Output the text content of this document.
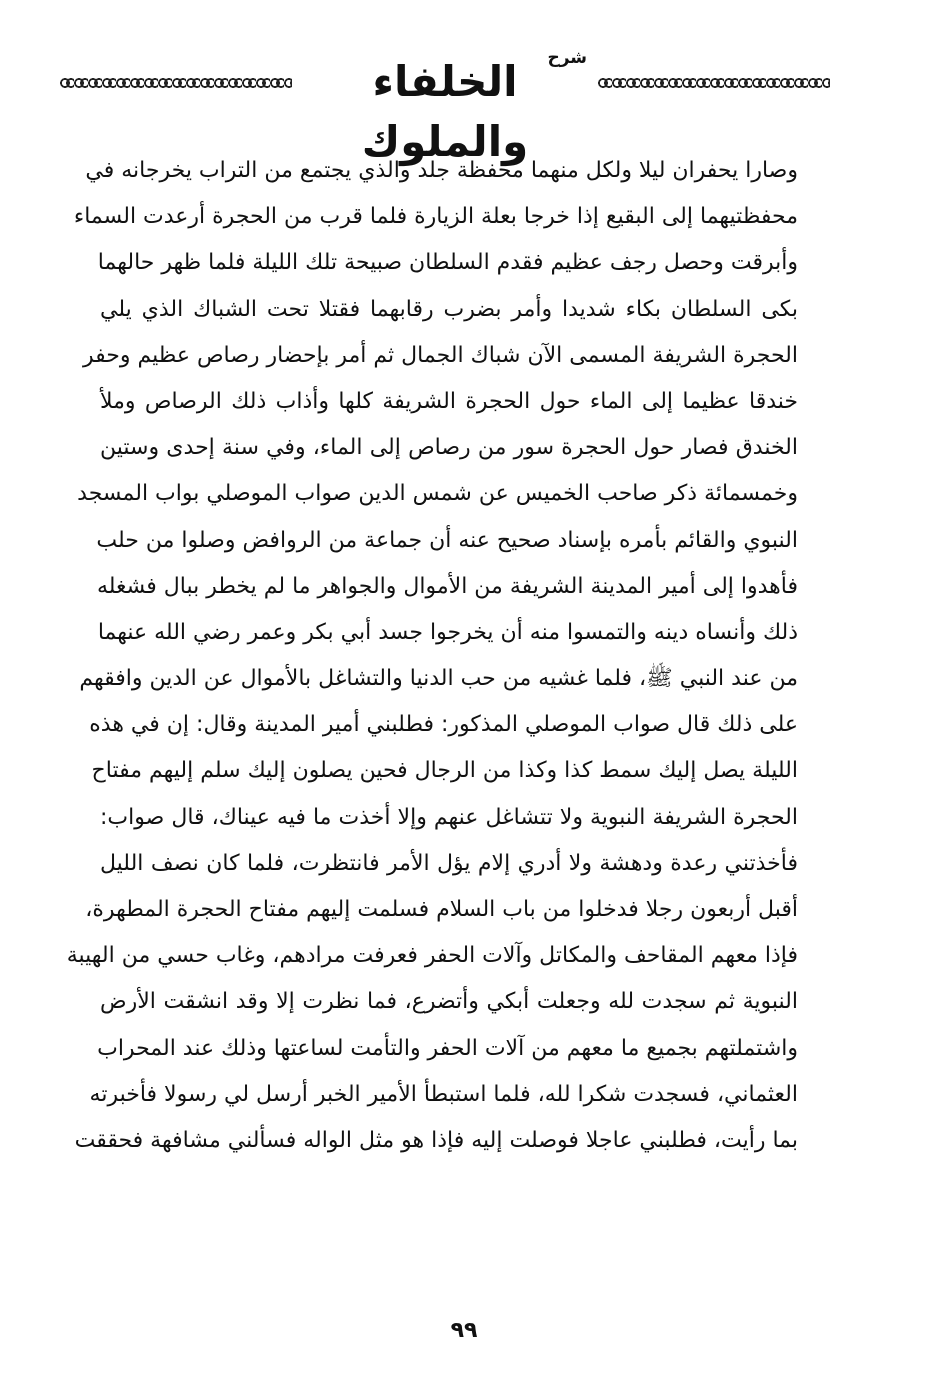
شرح
الخلفاء والملوك
وصارا يحفران ليلا ولكل منهما محفظة جلد والذي يجتمع من التراب يخرجانه في
محفظتيهما إلى البقيع إذا خرجا بعلة الزيارة فلما قرب من الحجرة أرعدت السماء
وأبرقت وحصل رجف عظيم فقدم السلطان صبيحة تلك الليلة فلما ظهر حالهما
بكى السلطان بكاء شديدا وأمر بضرب رقابهما فقتلا تحت الشباك الذي يلي
الحجرة الشريفة المسمى الآن شباك الجمال ثم أمر بإحضار رصاص عظيم وحفر
خندقا عظيما إلى الماء حول الحجرة الشريفة كلها وأذاب ذلك الرصاص وملأ
الخندق فصار حول الحجرة سور من رصاص إلى الماء، وفي سنة إحدى وستين
وخمسمائة ذكر صاحب الخميس عن شمس الدين صواب الموصلي بواب المسجد
النبوي والقائم بأمره بإسناد صحيح عنه أن جماعة من الروافض وصلوا من حلب
فأهدوا إلى أمير المدينة الشريفة من الأموال والجواهر ما لم يخطر ببال فشغله
ذلك وأنساه دينه والتمسوا منه أن يخرجوا جسد أبي بكر وعمر رضي الله عنهما
من عند النبي ﷺ، فلما غشيه من حب الدنيا والتشاغل بالأموال عن الدين وافقهم
على ذلك قال صواب الموصلي المذكور: فطلبني أمير المدينة وقال: إن في هذه
الليلة يصل إليك سمط كذا وكذا من الرجال فحين يصلون إليك سلم إليهم مفتاح
الحجرة الشريفة النبوية ولا تتشاغل عنهم وإلا أخذت ما فيه عيناك، قال صواب:
فأخذتني رعدة ودهشة ولا أدري إلام يؤل الأمر فانتظرت، فلما كان نصف الليل
أقبل أربعون رجلا فدخلوا من باب السلام فسلمت إليهم مفتاح الحجرة المطهرة،
فإذا معهم المقاحف والمكاتل وآلات الحفر فعرفت مرادهم، وغاب حسي من الهيبة
النبوية ثم سجدت لله وجعلت أبكي وأتضرع، فما نظرت إلا وقد انشقت الأرض
واشتملتهم بجميع ما معهم من آلات الحفر والتأمت لساعتها وذلك عند المحراب
العثماني، فسجدت شكرا لله، فلما استبطأ الأمير الخبر أرسل لي رسولا فأخبرته
بما رأيت، فطلبني عاجلا فوصلت إليه فإذا هو مثل الواله فسألني مشافهة فحققت
٩٩
